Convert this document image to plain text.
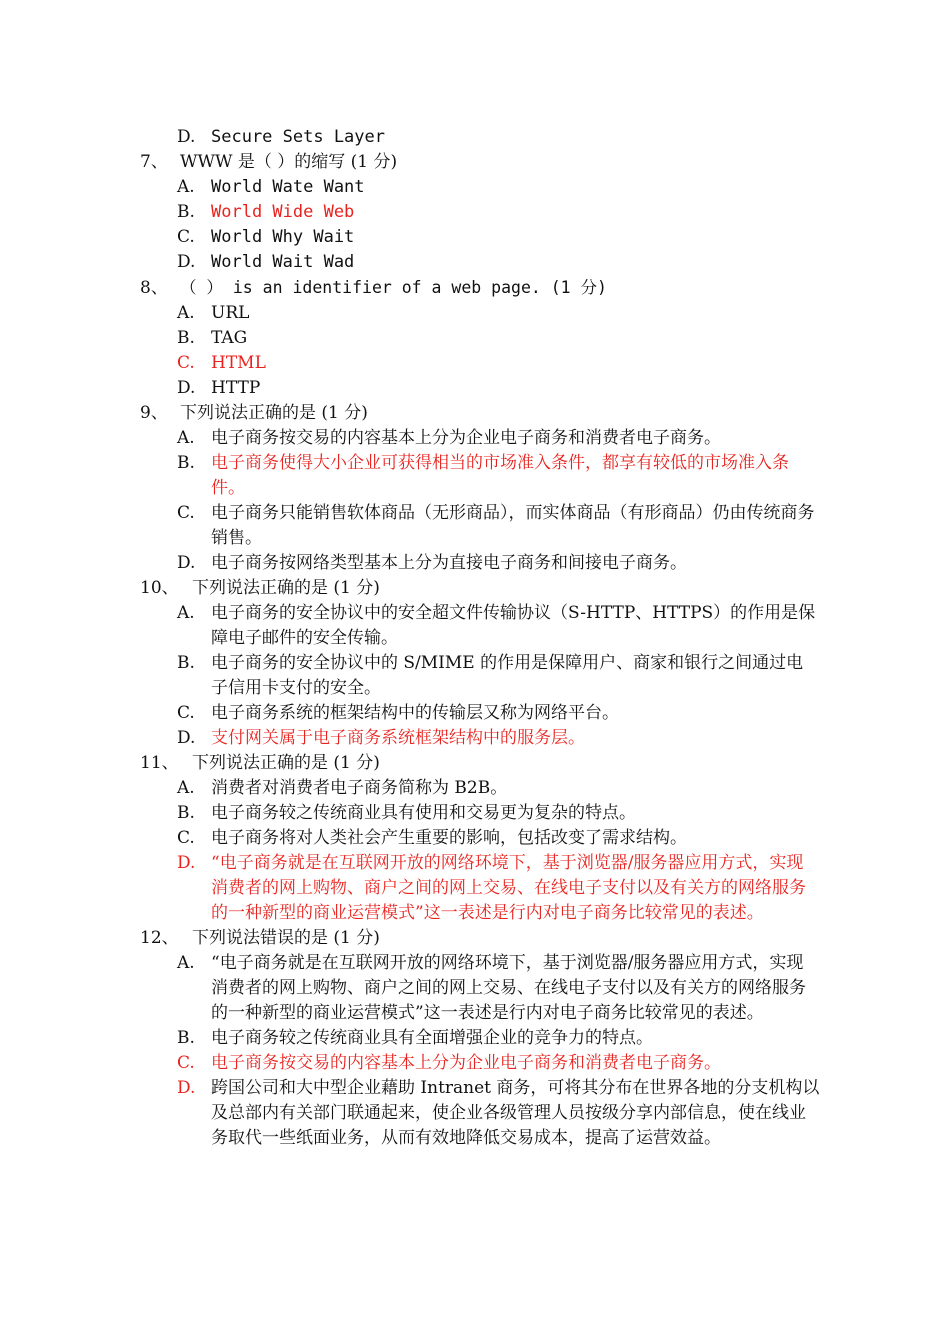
D. Secure Sets Layer
7、 WWW 是（ ）的缩写 (1 分)
A. World Wate Want
B. World Wide Web
C. World Why Wait
D. World Wait Wad
8、 （ ） is an identifier of a web page. (1 分)
A. URL
B. TAG
C. HTML
D. HTTP
9、 下列说法正确的是 (1 分)
A. 电子商务按交易的内容基本上分为企业电子商务和消费者电子商务。
B. 电子商务使得大小企业可获得相当的市场准入条件，都享有较低的市场准入条件。
C. 电子商务只能销售软体商品（无形商品），而实体商品（有形商品）仍由传统商务销售。
D. 电子商务按网络类型基本上分为直接电子商务和间接电子商务。
10、 下列说法正确的是 (1 分)
A. 电子商务的安全协议中的安全超文件传输协议（S-HTTP、HTTPS）的作用是保障电子邮件的安全传输。
B. 电子商务的安全协议中的 S/MIME 的作用是保障用户、商家和银行之间通过电子信用卡支付的安全。
C. 电子商务系统的框架结构中的传输层又称为网络平台。
D. 支付网关属于电子商务系统框架结构中的服务层。
11、 下列说法正确的是 (1 分)
A. 消费者对消费者电子商务简称为 B2B。
B. 电子商务较之传统商业具有使用和交易更为复杂的特点。
C. 电子商务将对人类社会产生重要的影响，包括改变了需求结构。
D. “电子商务就是在互联网开放的网络环境下，基于浏览器/服务器应用方式，实现消费者的网上购物、商户之间的网上交易、在线电子支付以及有关方的网络服务的一种新型的商业运营模式”这一表述是行内对电子商务比较常见的表述。
12、 下列说法错误的是 (1 分)
A. “电子商务就是在互联网开放的网络环境下，基于浏览器/服务器应用方式，实现消费者的网上购物、商户之间的网上交易、在线电子支付以及有关方的网络服务的一种新型的商业运营模式”这一表述是行内对电子商务比较常见的表述。
B. 电子商务较之传统商业具有全面增强企业的竞争力的特点。
C. 电子商务按交易的内容基本上分为企业电子商务和消费者电子商务。
D. 跨国公司和大中型企业藉助 Intranet 商务，可将其分布在世界各地的分支机构以及总部内有关部门联通起来，使企业各级管理人员按级分享内部信息，使在线业务取代一些纸面业务，从而有效地降低交易成本，提高了运营效益。
